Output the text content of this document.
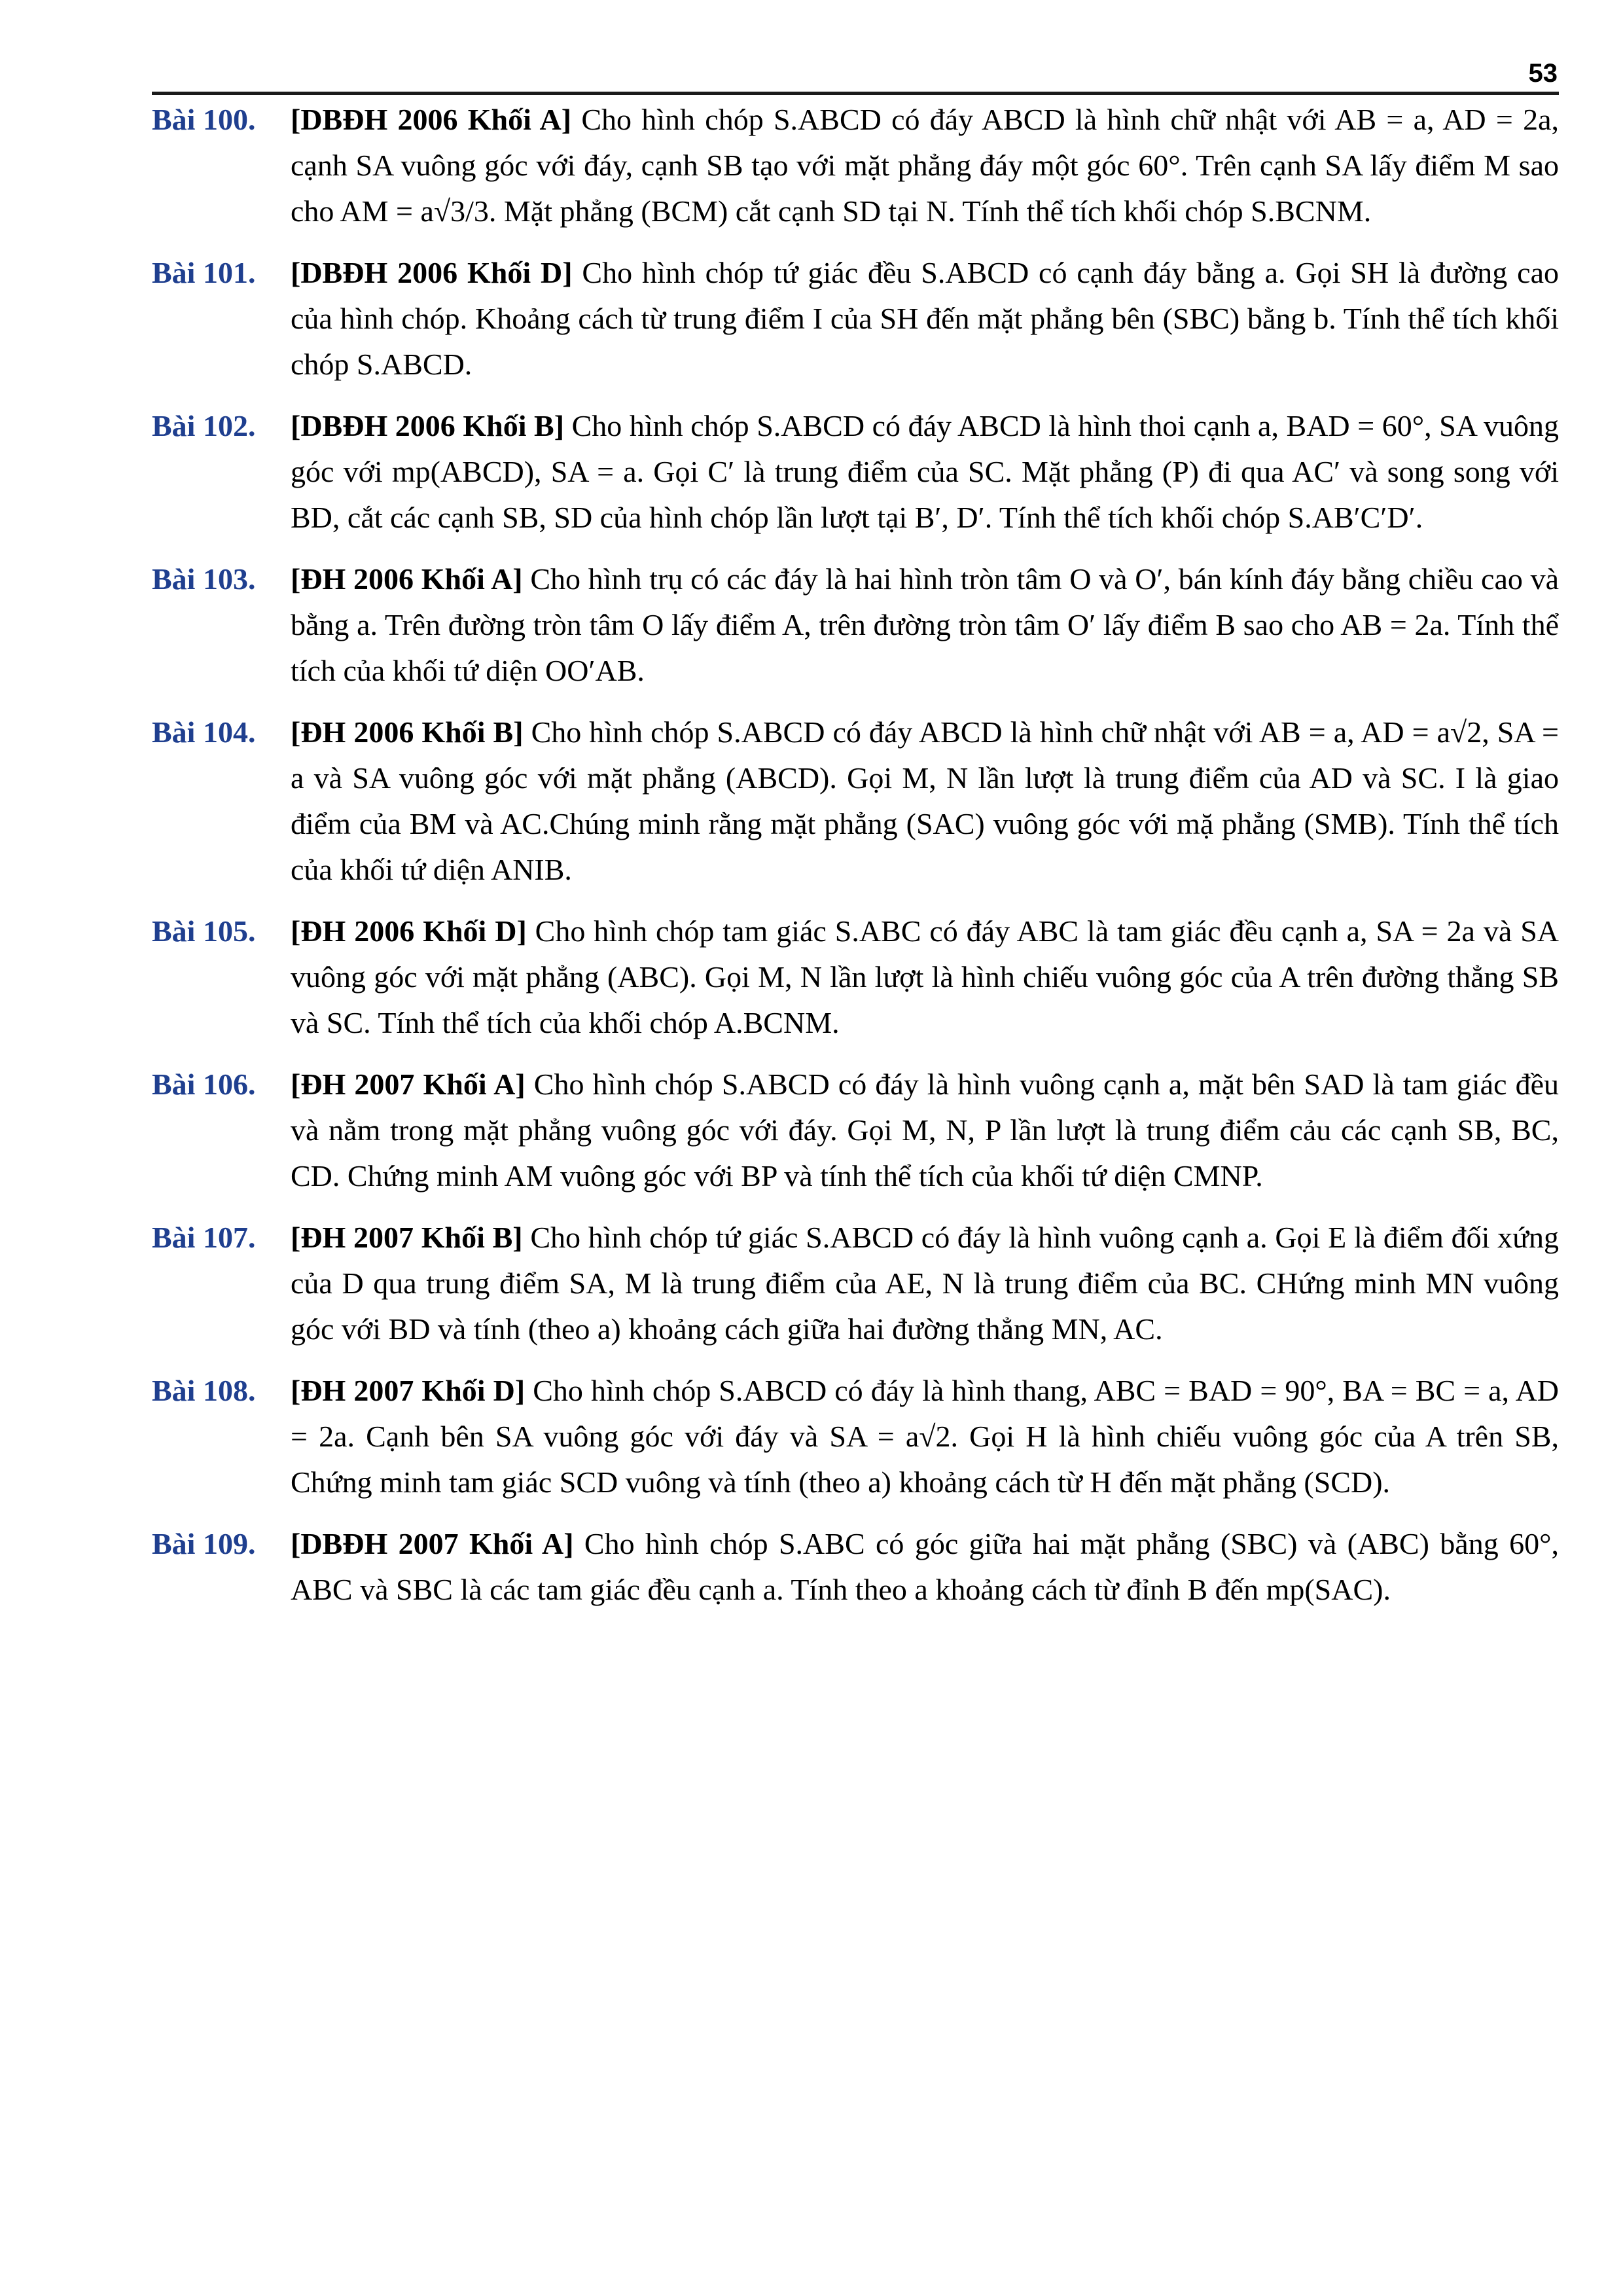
53
Bài 100.	[DBĐH 2006 Khối A] Cho hình chóp S.ABCD có đáy ABCD là hình chữ nhật với AB = a, AD = 2a, cạnh SA vuông góc với đáy, cạnh SB tạo với mặt phẳng đáy một góc 60°. Trên cạnh SA lấy điểm M sao cho AM = a√3/3. Mặt phẳng (BCM) cắt cạnh SD tại N. Tính thể tích khối chóp S.BCNM.
Bài 101.	[DBĐH 2006 Khối D] Cho hình chóp tứ giác đều S.ABCD có cạnh đáy bằng a. Gọi SH là đường cao của hình chóp. Khoảng cách từ trung điểm I của SH đến mặt phẳng bên (SBC) bằng b. Tính thể tích khối chóp S.ABCD.
Bài 102.	[DBĐH 2006 Khối B] Cho hình chóp S.ABCD có đáy ABCD là hình thoi cạnh a, BAD = 60°, SA vuông góc với mp(ABCD), SA = a. Gọi C′ là trung điểm của SC. Mặt phẳng (P) đi qua AC′ và song song với BD, cắt các cạnh SB, SD của hình chóp lần lượt tại B′, D′. Tính thể tích khối chóp S.AB′C′D′.
Bài 103.	[ĐH 2006 Khối A] Cho hình trụ có các đáy là hai hình tròn tâm O và O′, bán kính đáy bằng chiều cao và bằng a. Trên đường tròn tâm O lấy điểm A, trên đường tròn tâm O′ lấy điểm B sao cho AB = 2a. Tính thể tích của khối tứ diện OO′AB.
Bài 104.	[ĐH 2006 Khối B] Cho hình chóp S.ABCD có đáy ABCD là hình chữ nhật với AB = a, AD = a√2, SA = a và SA vuông góc với mặt phẳng (ABCD). Gọi M, N lần lượt là trung điểm của AD và SC. I là giao điểm của BM và AC.Chúng minh rằng mặt phẳng (SAC) vuông góc với mặ phẳng (SMB). Tính thể tích của khối tứ diện ANIB.
Bài 105.	[ĐH 2006 Khối D] Cho hình chóp tam giác S.ABC có đáy ABC là tam giác đều cạnh a, SA = 2a và SA vuông góc với mặt phẳng (ABC). Gọi M, N lần lượt là hình chiếu vuông góc của A trên đường thẳng SB và SC. Tính thể tích của khối chóp A.BCNM.
Bài 106.	[ĐH 2007 Khối A] Cho hình chóp S.ABCD có đáy là hình vuông cạnh a, mặt bên SAD là tam giác đều và nằm trong mặt phẳng vuông góc với đáy. Gọi M, N, P lần lượt là trung điểm cảu các cạnh SB, BC, CD. Chứng minh AM vuông góc với BP và tính thể tích của khối tứ diện CMNP.
Bài 107.	[ĐH 2007 Khối B] Cho hình chóp tứ giác S.ABCD có đáy là hình vuông cạnh a. Gọi E là điểm đối xứng của D qua trung điểm SA, M là trung điểm của AE, N là trung điểm của BC. CHứng minh MN vuông góc với BD và tính (theo a) khoảng cách giữa hai đường thẳng MN, AC.
Bài 108.	[ĐH 2007 Khối D] Cho hình chóp S.ABCD có đáy là hình thang, ABC = BAD = 90°, BA = BC = a, AD = 2a. Cạnh bên SA vuông góc với đáy và SA = a√2. Gọi H là hình chiếu vuông góc của A trên SB, Chứng minh tam giác SCD vuông và tính (theo a) khoảng cách từ H đến mặt phẳng (SCD).
Bài 109.	[DBĐH 2007 Khối A] Cho hình chóp S.ABC có góc giữa hai mặt phẳng (SBC) và (ABC) bằng 60°, ABC và SBC là các tam giác đều cạnh a. Tính theo a khoảng cách từ đỉnh B đến mp(SAC).
